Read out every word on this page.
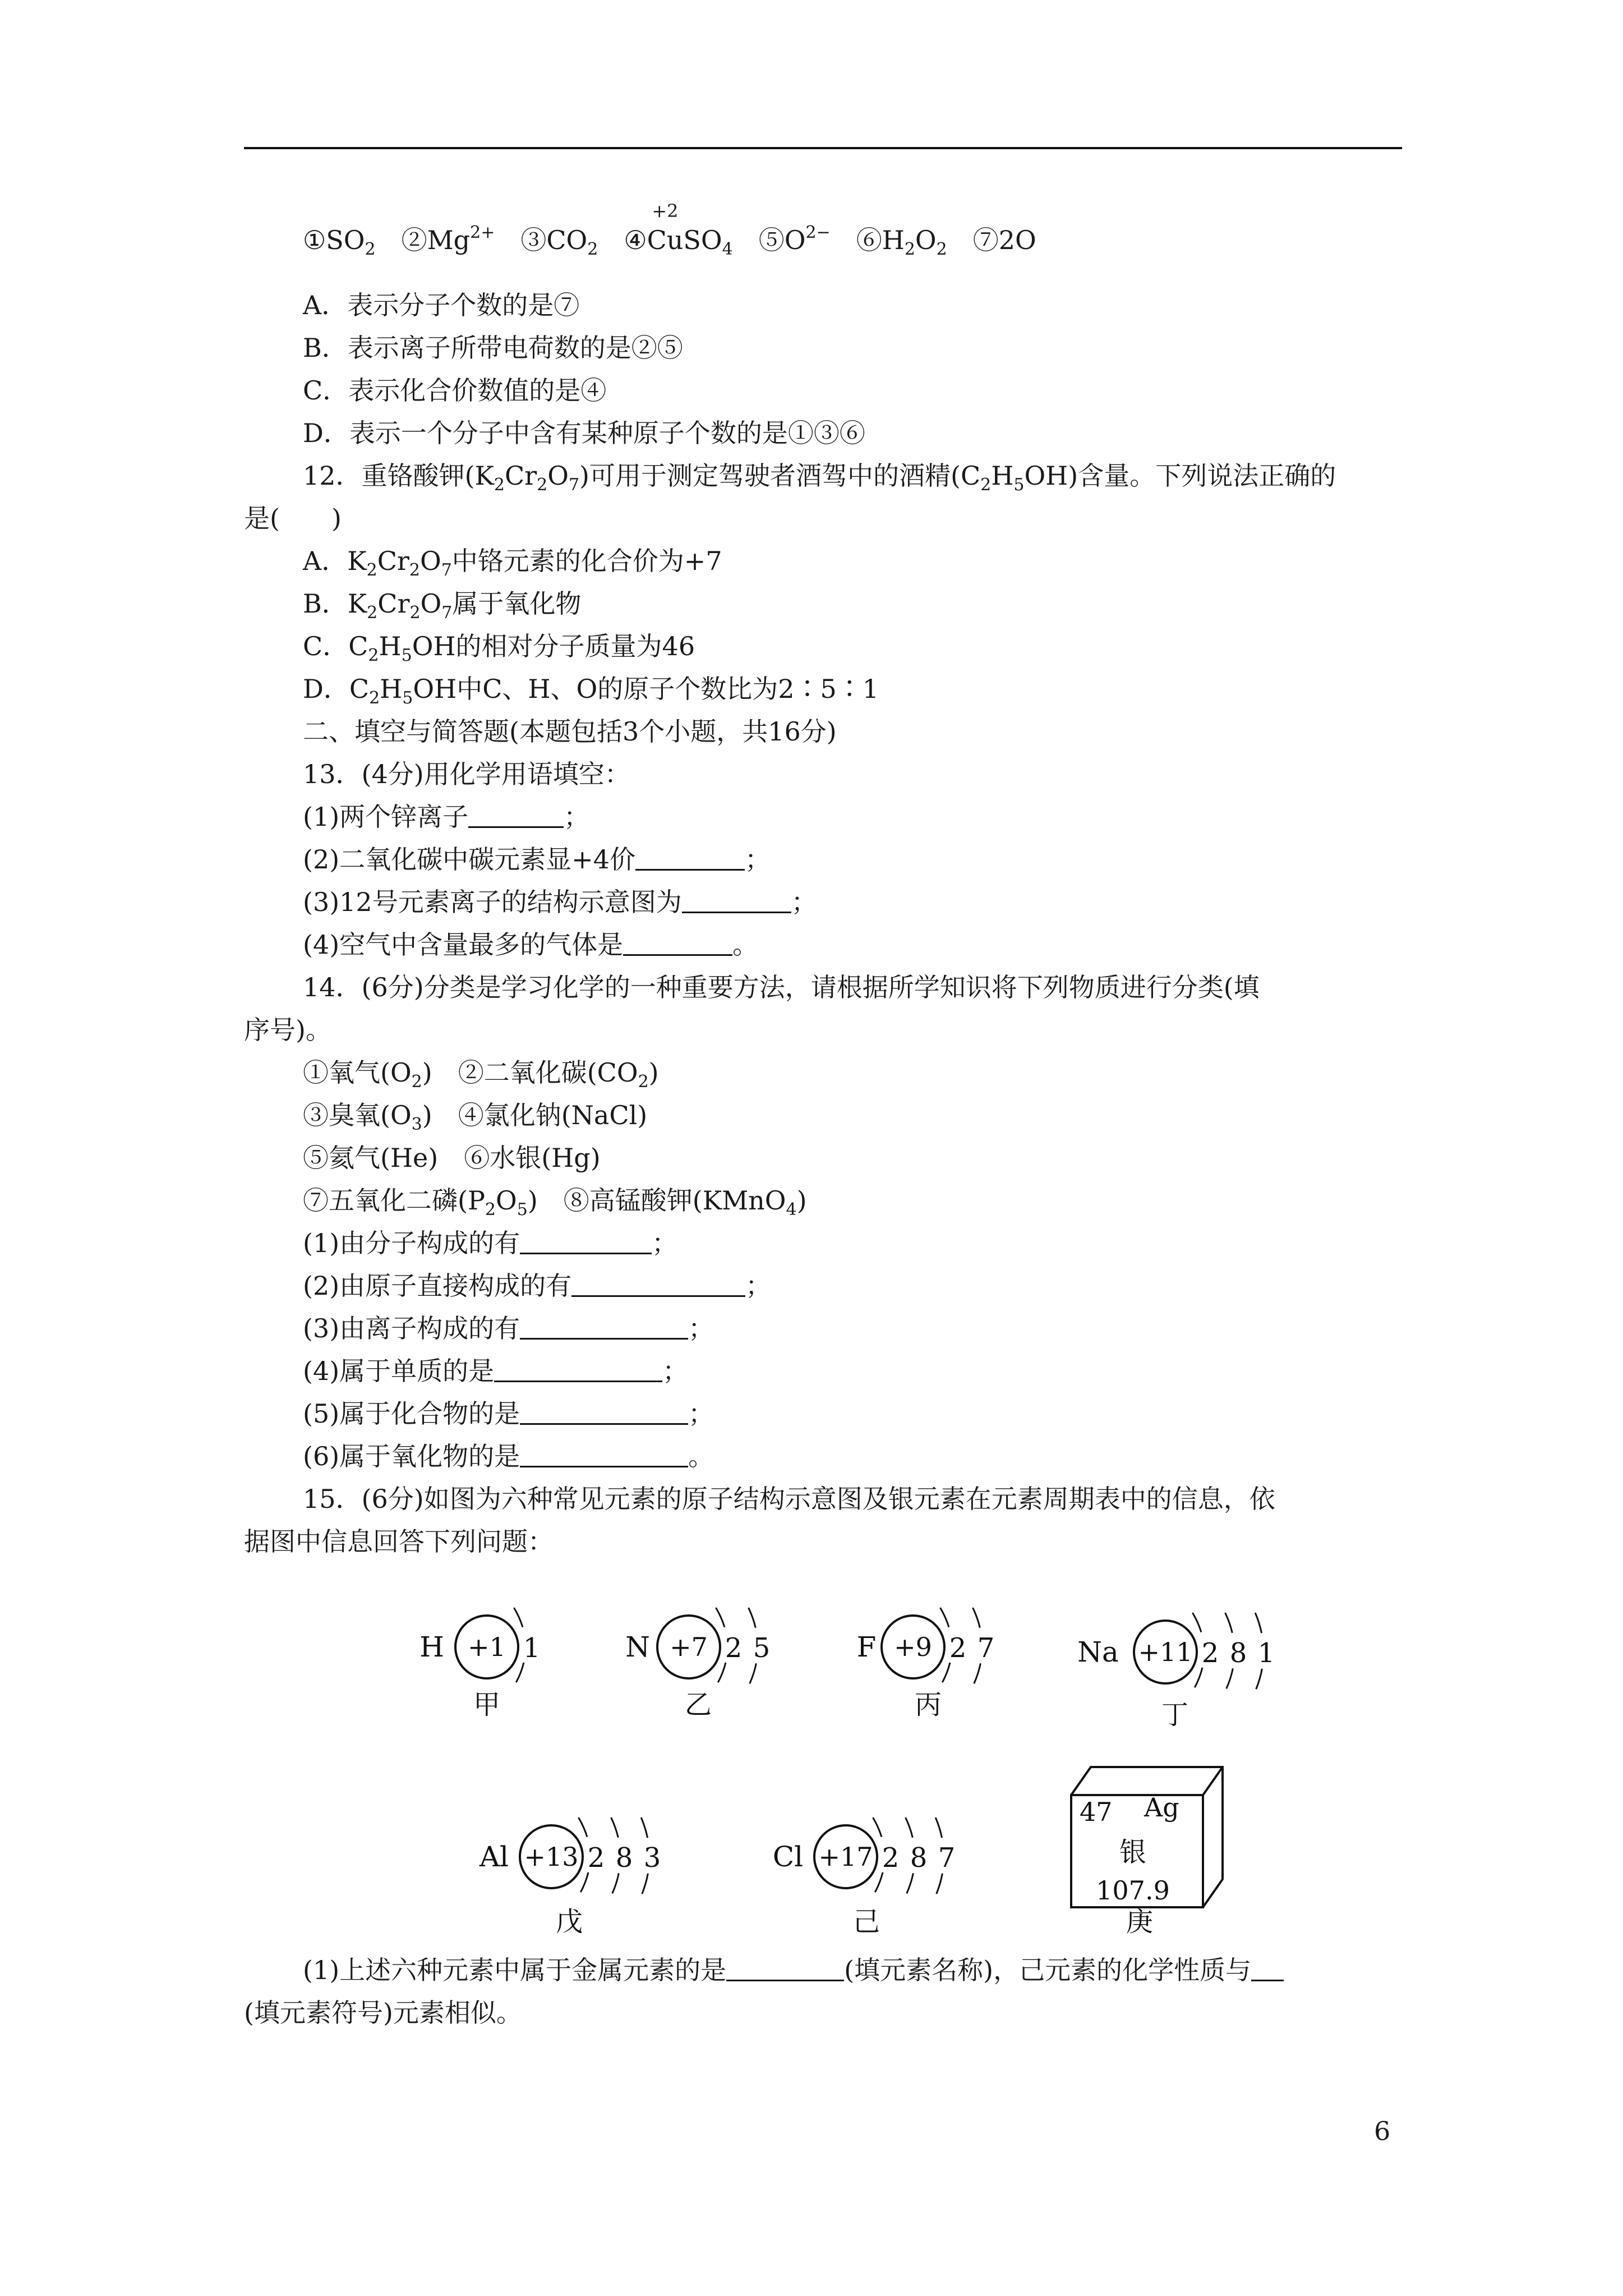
$①SO_2$　 $②Mg^{2+}$　 $③CO_2$　
+2
④CuSO$_4$　 $⑤O^{2-}$　 $⑥H_2O_2$　 ⑦2O
A．表示分子个数的是⑦
B．表示离子所带电荷数的是②⑤
C．表示化合价数值的是④
D．表示一个分子中含有某种原子个数的是①③⑥
12．重铬酸钾$(K_2Cr_2O_7)$可用于测定驾驶者酒驾中的酒精$(C_2H_5OH)$含量。下列说法正确的
是(　　)
A．$K_2Cr_2O_7$中铬元素的化合价为+7
B．$K_2Cr_2O_7$属于氧化物
C．$C_2H_5OH$的相对分子质量为46
D．$C_2H_5OH$中C、H、O的原子个数比为2∶5∶1
二、填空与简答题(本题包括3个小题，共16分)
13．(4分)用化学用语填空：
(1)两个锌离子	；
(2)二氧化碳中碳元素显+4价	；
(3)12号元素离子的结构示意图为	；
(4)空气中含量最多的气体是	。
14．(6分)分类是学习化学的一种重要方法，请根据所学知识将下列物质进行分类(填
序号)。
①氧气$(O_2)$　②二氧化碳$(CO_2)$
③臭氧$(O_3)$　④氯化钠(NaCl)
⑤氦气(He)　⑥水银(Hg)
⑦五氧化二磷$(P_2O_5)$　⑧高锰酸钾(KMnO$_4$)
(1)由分子构成的有	；
(2)由原子直接构成的有	；
(3)由离子构成的有	；
(4)属于单质的是	；
(5)属于化合物的是	；
(6)属于氧化物的是	。
15．(6分)如图为六种常见元素的原子结构示意图及银元素在元素周期表中的信息，依
据图中信息回答下列问题：
H +1 1
甲
N +7 2 5
乙
F +9 2 7
丙
Na +11 2 8 1
丁
Al +13 2 8 3
戊
Cl +17 2 8 7
己
47 Ag
银
107.9
庚
(1)上述六种元素中属于金属元素的是	(填元素名称)，己元素的化学性质与
(填元素符号)元素相似。
6
